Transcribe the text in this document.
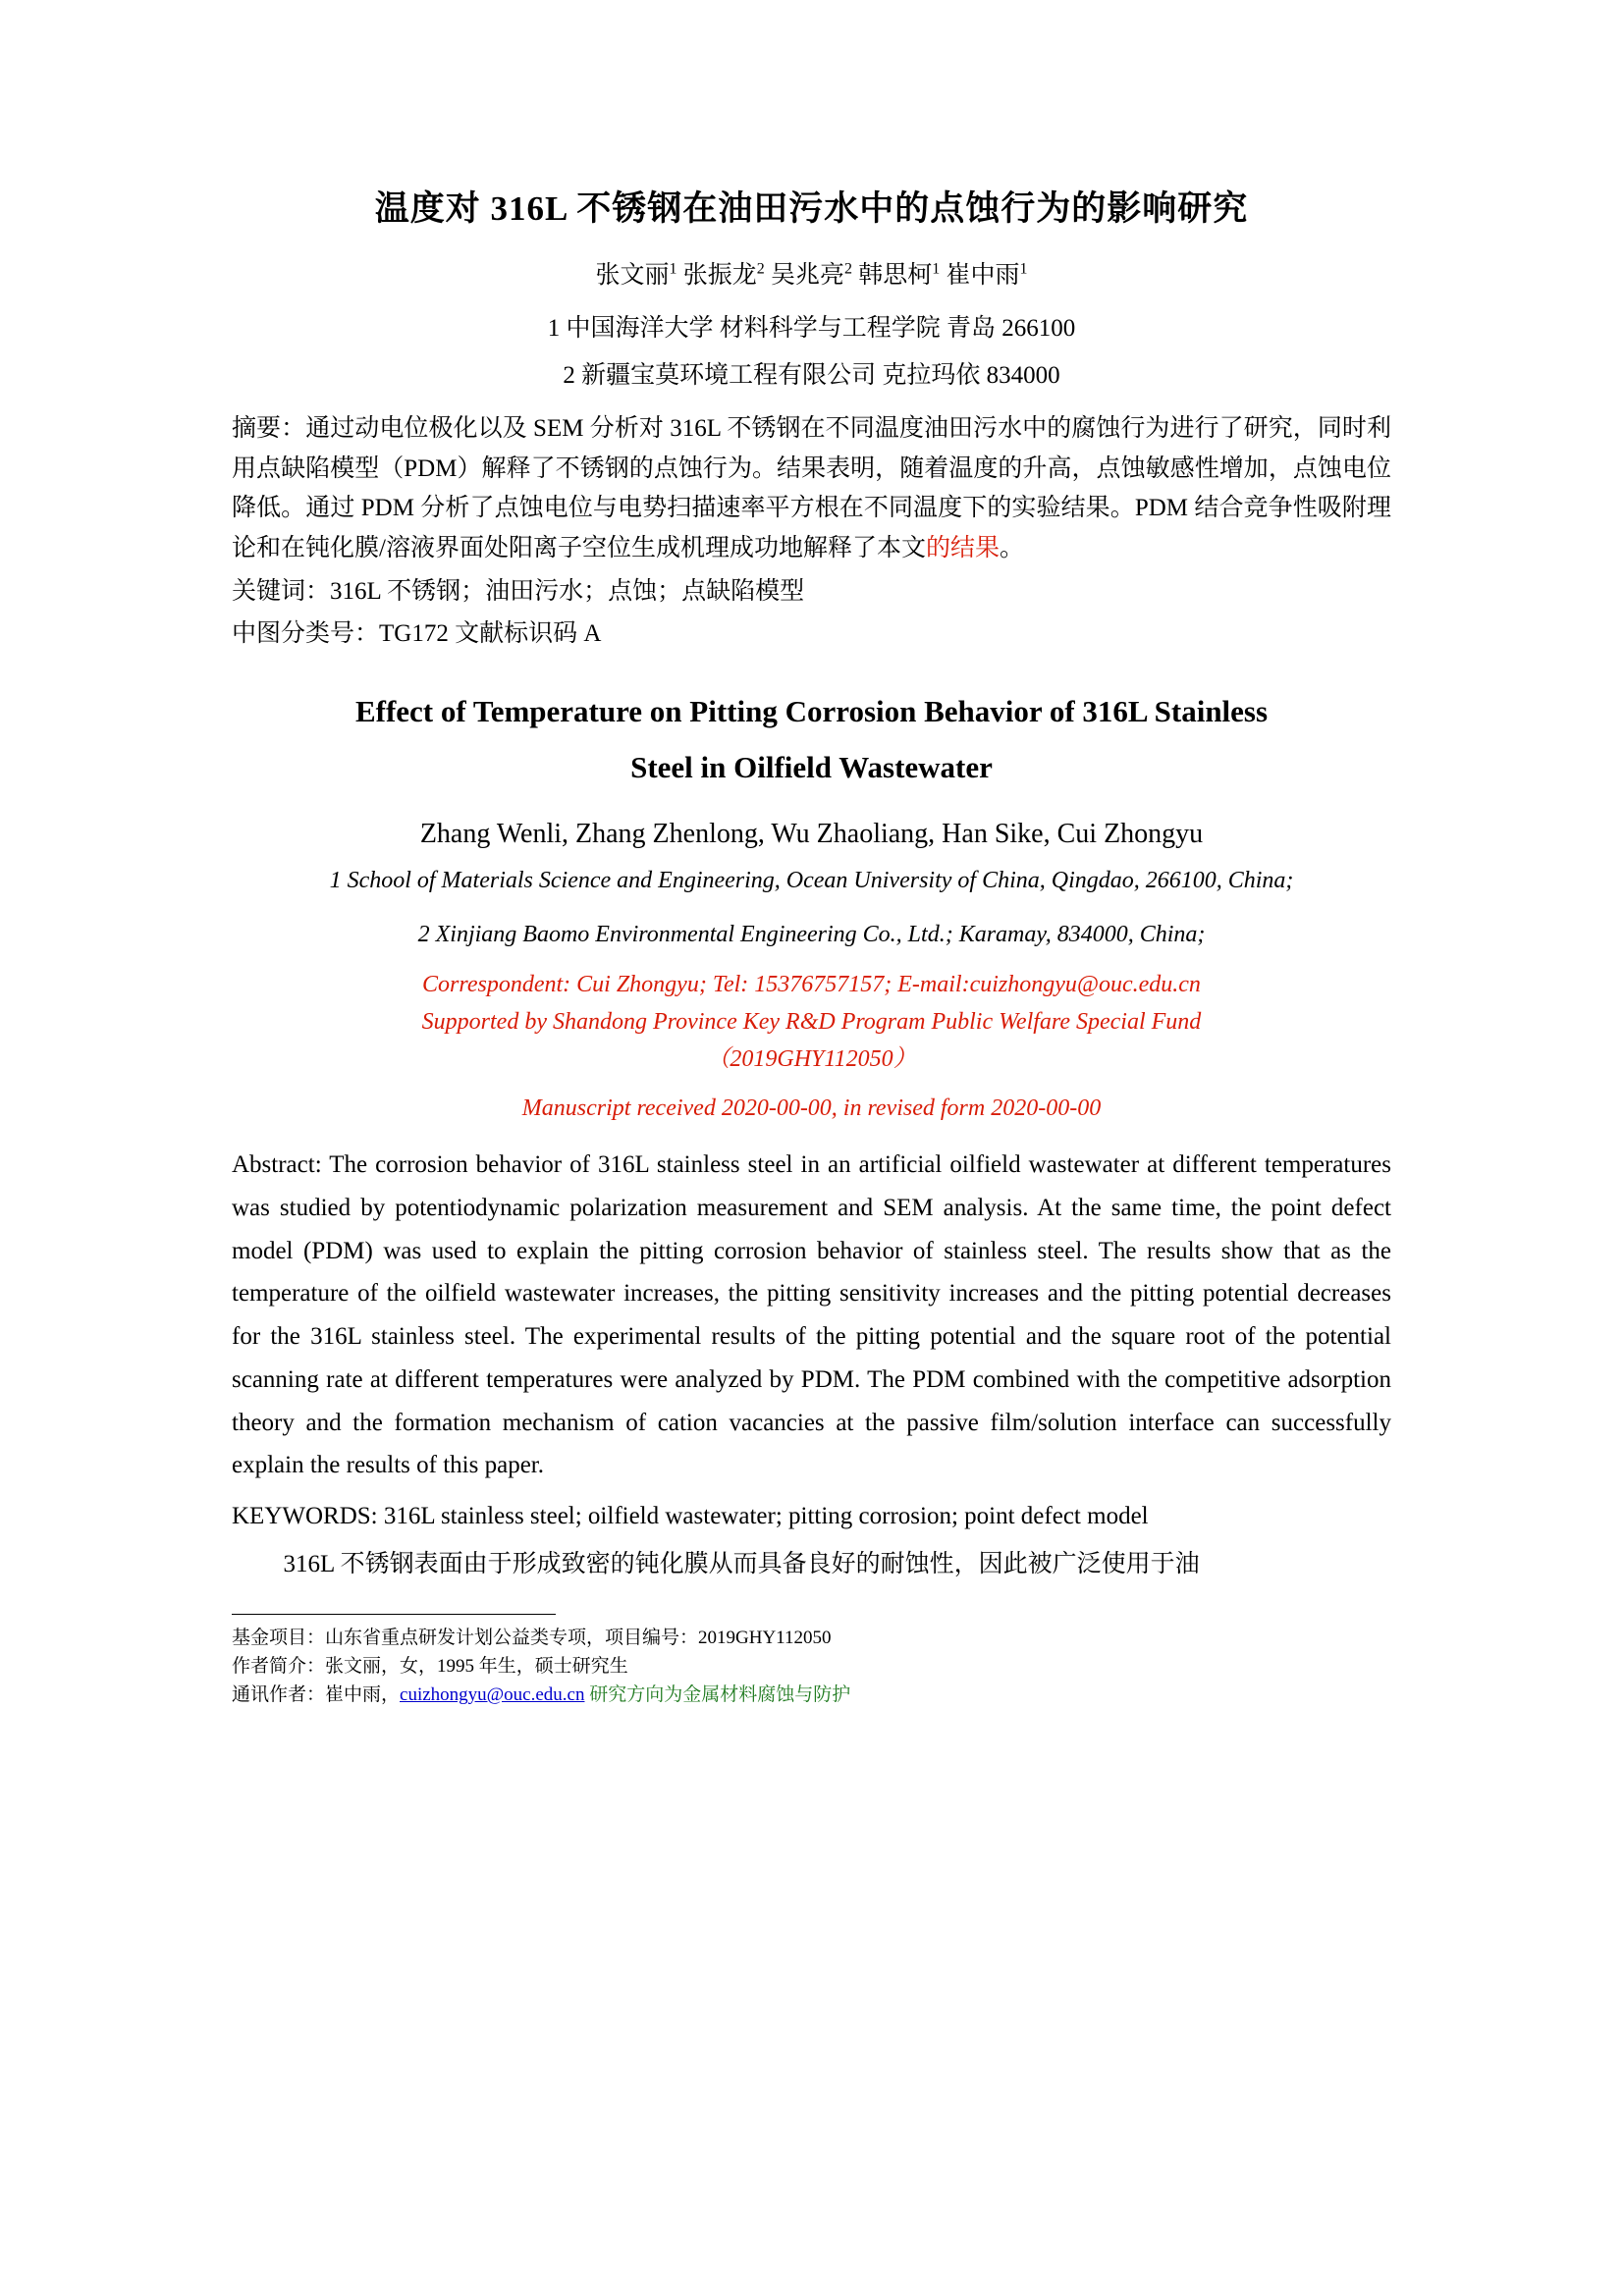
温度对 316L 不锈钢在油田污水中的点蚀行为的影响研究
张文丽$^1$ 张振龙$^2$ 吴兆亮$^2$ 韩思柯$^1$ 崔中雨$^1$
1 中国海洋大学 材料科学与工程学院 青岛 266100
2 新疆宝莫环境工程有限公司 克拉玛依 834000

摘要：通过动电位极化以及 SEM 分析对 316L 不锈钢在不同温度油田污水中的腐蚀行为进行了研究，同时利用点缺陷模型（PDM）解释了不锈钢的点蚀行为。结果表明，随着温度的升高，点蚀敏感性增加，点蚀电位降低。通过 PDM 分析了点蚀电位与电势扫描速率平方根在不同温度下的实验结果。PDM 结合竞争性吸附理论和在钝化膜/溶液界面处阳离子空位生成机理成功地解释了本文的结果。

关键词：316L 不锈钢；油田污水；点蚀；点缺陷模型

中图分类号：TG172 文献标识码 A

Effect of Temperature on Pitting Corrosion Behavior of 316L Stainless
Steel in Oilfield Wastewater
Zhang Wenli, Zhang Zhenlong, Wu Zhaoliang, Han Sike, Cui Zhongyu
1 School of Materials Science and Engineering, Ocean University of China, Qingdao, 266100, China;
2 Xinjiang Baomo Environmental Engineering Co., Ltd.; Karamay, 834000, China;
Correspondent: Cui Zhongyu; Tel: 15376757157; E-mail:cuizhongyu@ouc.edu.cn
Supported by Shandong Province Key R&D Program Public Welfare Special Fund
（2019GHY112050）
Manuscript received 2020-00-00, in revised form 2020-00-00

Abstract: The corrosion behavior of 316L stainless steel in an artificial oilfield wastewater at different temperatures was studied by potentiodynamic polarization measurement and SEM analysis. At the same time, the point defect model (PDM) was used to explain the pitting corrosion behavior of stainless steel. The results show that as the temperature of the oilfield wastewater increases, the pitting sensitivity increases and the pitting potential decreases for the 316L stainless steel. The experimental results of the pitting potential and the square root of the potential scanning rate at different temperatures were analyzed by PDM. The PDM combined with the competitive adsorption theory and the formation mechanism of cation vacancies at the passive film/solution interface can successfully explain the results of this paper.

KEYWORDS: 316L stainless steel; oilfield wastewater; pitting corrosion; point defect model

316L 不锈钢表面由于形成致密的钝化膜从而具备良好的耐蚀性，因此被广泛使用于油

基金项目：山东省重点研发计划公益类专项，项目编号：2019GHY112050

作者简介：张文丽，女，1995 年生，硕士研究生

通讯作者：崔中雨，cuizhongyu@ouc.edu.cn 研究方向为金属材料腐蚀与防护
